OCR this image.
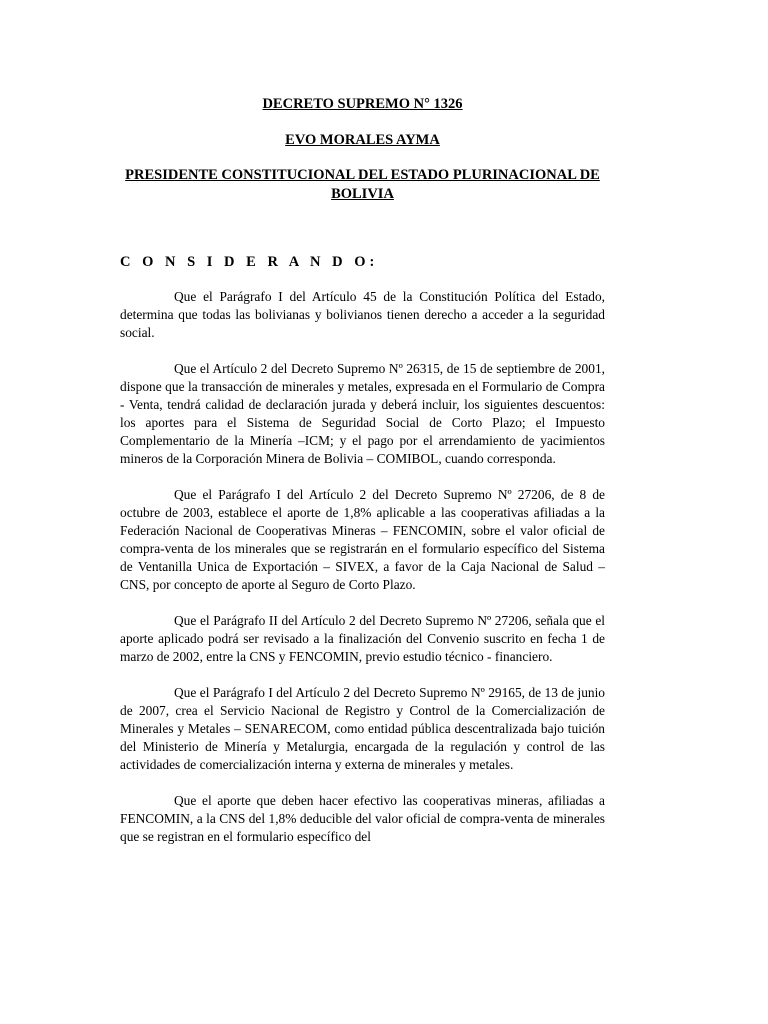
DECRETO SUPREMO N° 1326
EVO MORALES AYMA
PRESIDENTE CONSTITUCIONAL DEL ESTADO PLURINACIONAL DE BOLIVIA
C O N S I D E R A N D O:

Que el Parágrafo I del Artículo 45 de la Constitución Política del Estado, determina que todas las bolivianas y bolivianos tienen derecho a acceder a la seguridad social.

Que el Artículo 2 del Decreto Supremo Nº 26315, de 15 de septiembre de 2001, dispone que la transacción de minerales y metales, expresada en el Formulario de Compra - Venta, tendrá calidad de declaración jurada y deberá incluir, los siguientes descuentos: los aportes para el Sistema de Seguridad Social de Corto Plazo; el Impuesto Complementario de la Minería –ICM; y el pago por el arrendamiento de yacimientos mineros de la Corporación Minera de Bolivia – COMIBOL, cuando corresponda.

Que el Parágrafo I del Artículo 2 del Decreto Supremo Nº 27206, de 8 de octubre de 2003, establece el aporte de 1,8% aplicable a las cooperativas afiliadas a la Federación Nacional de Cooperativas Mineras – FENCOMIN, sobre el valor oficial de compra-venta de los minerales que se registrarán en el formulario específico del Sistema de Ventanilla Unica de Exportación – SIVEX, a favor de la Caja Nacional de Salud – CNS, por concepto de aporte al Seguro de Corto Plazo.

Que el Parágrafo II del Artículo 2 del Decreto Supremo Nº 27206, señala que el aporte aplicado podrá ser revisado a la finalización del Convenio suscrito en fecha 1 de marzo de 2002, entre la CNS y FENCOMIN, previo estudio técnico - financiero.

Que el Parágrafo I del Artículo 2 del Decreto Supremo Nº 29165, de 13 de junio de 2007, crea el Servicio Nacional de Registro y Control de la Comercialización de Minerales y Metales – SENARECOM, como entidad pública descentralizada bajo tuición del Ministerio de Minería y Metalurgia, encargada de la regulación y control de las actividades de comercialización interna y externa de minerales y metales.

Que el aporte que deben hacer efectivo las cooperativas mineras, afiliadas a FENCOMIN, a la CNS del 1,8% deducible del valor oficial de compra-venta de minerales que se registran en el formulario específico del
